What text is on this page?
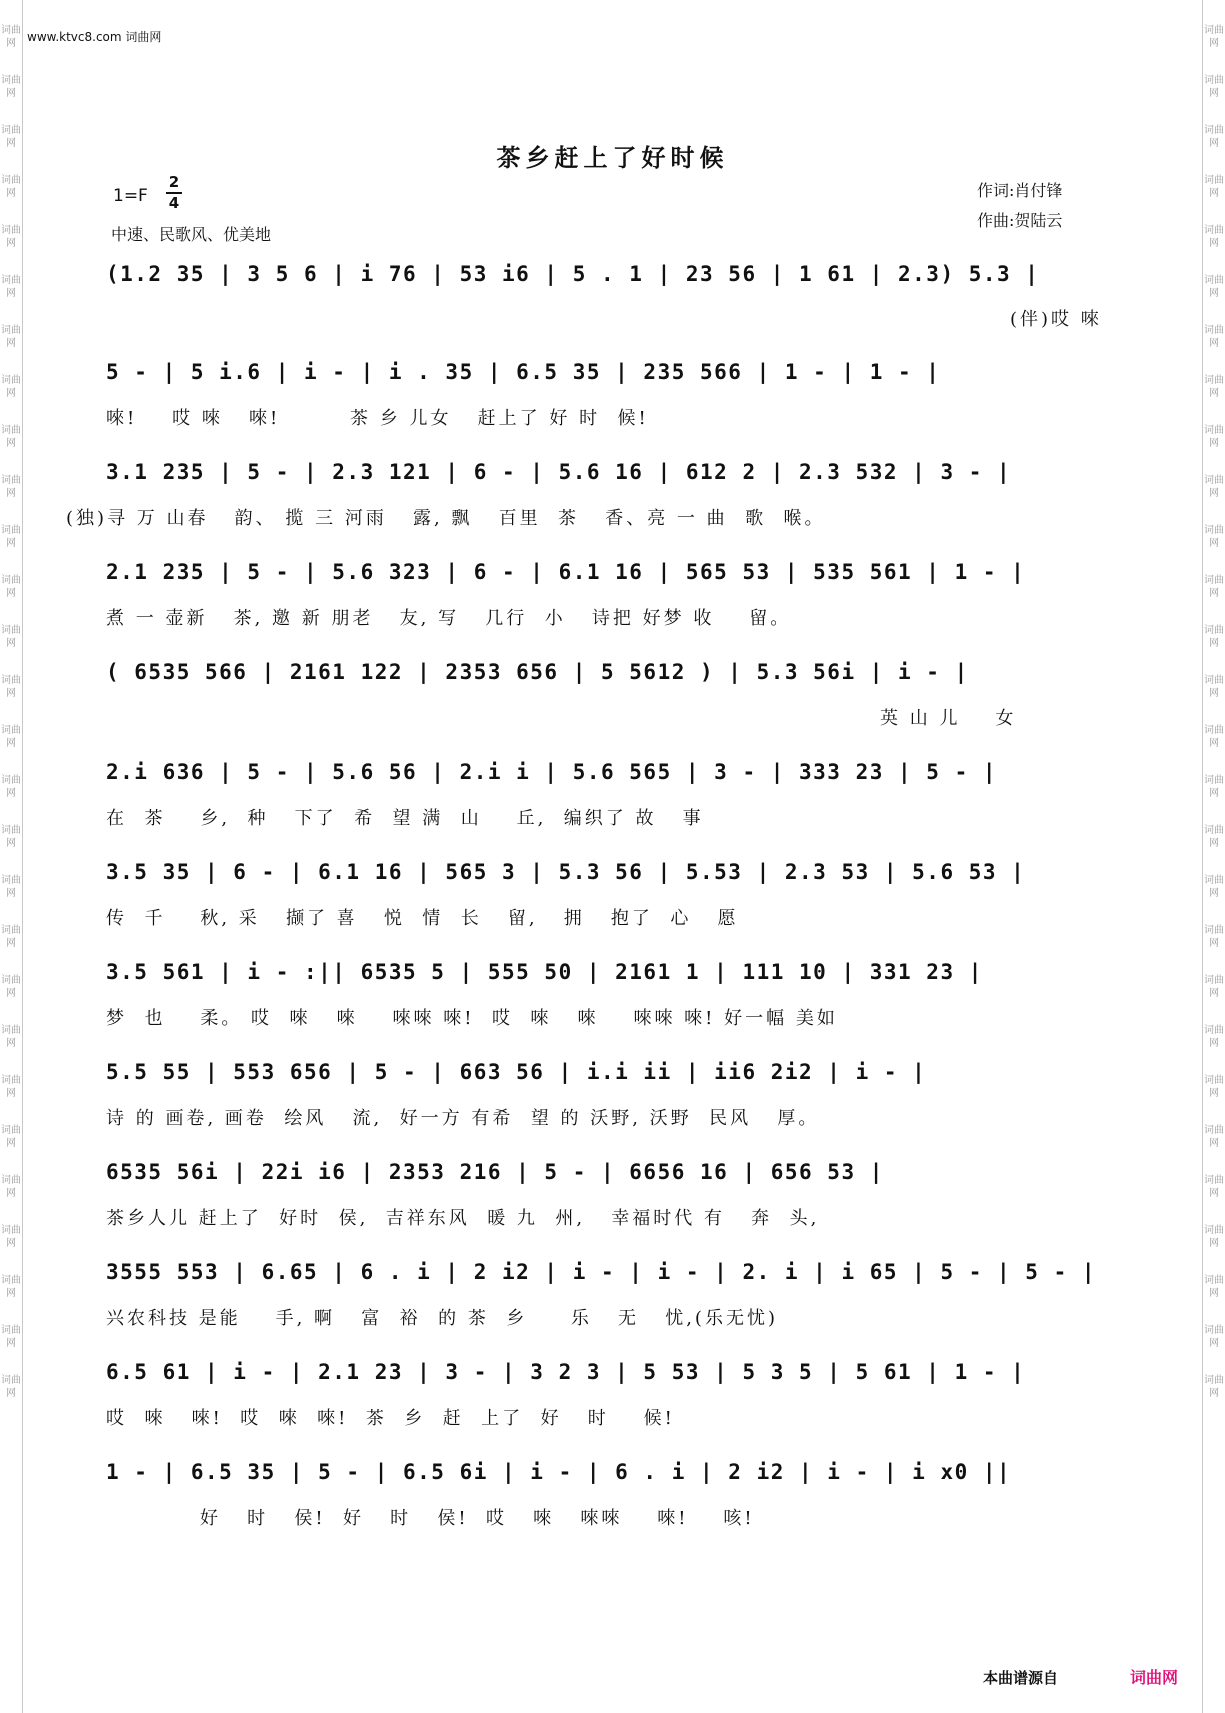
词曲网
词曲网
词曲网
词曲网
词曲网
词曲网
词曲网
词曲网
词曲网
词曲网
词曲网
词曲网
词曲网
词曲网
词曲网
词曲网
词曲网
词曲网
词曲网
词曲网
词曲网
词曲网
词曲网
词曲网
词曲网
词曲网
词曲网
词曲网
词曲网
词曲网
词曲网
词曲网
词曲网
词曲网
词曲网
词曲网
词曲网
词曲网
词曲网
词曲网
词曲网
词曲网
词曲网
词曲网
词曲网
词曲网
词曲网
词曲网
词曲网
词曲网
词曲网
词曲网
词曲网
词曲网
词曲网
词曲网
www.ktvc8.com 词曲网
茶乡赶上了好时候
1=F
2
4
作词:肖付锋
作曲:贺陆云
中速、民歌风、优美地
(1.2 35 | 3 5 6 | i 76 | 53 i6 | 5 . 1 | 23 56 | 1 61 | 2.3) 5.3 |
(伴)哎 唻
5 - | 5 i.6 | i - | i . 35 | 6.5 35 | 235 566 | 1 - | 1 - |
唻!    哎 唻   唻!        茶 乡 儿女   赶上了 好 时  候!
3.1 235 | 5 - | 2.3 121 | 6 - | 5.6 16 | 612 2 | 2.3 532 | 3 - |
(独)寻 万 山春   韵、 揽 三 河雨   露, 飘   百里  茶   香、亮 一 曲  歌  喉。
2.1 235 | 5 - | 5.6 323 | 6 - | 6.1 16 | 565 53 | 535 561 | 1 - |
煮 一 壶新   茶, 邀 新 朋老   友, 写   几行  小   诗把 好梦 收    留。
( 6535 566 | 2161 122 | 2353 656 | 5 5612 ) | 5.3 56i | i - |
英 山 儿    女
2.i 636 | 5 - | 5.6 56 | 2.i i | 5.6 565 | 3 - | 333 23 | 5 - |
在  茶    乡,  种   下了  希  望 满  山    丘,  编织了 故   事
3.5 35 | 6 - | 6.1 16 | 565 3 | 5.3 56 | 5.53 | 2.3 53 | 5.6 53 |
传  千    秋, 采   撷了 喜   悦  情  长   留,   拥   抱了  心   愿
3.5 561 | i - :|| 6535 5 | 555 50 | 2161 1 | 111 10 | 331 23 |
梦  也    柔。 哎  唻   唻    唻唻 唻!  哎  唻   唻    唻唻 唻! 好一幅 美如
5.5 55 | 553 656 | 5 - | 663 56 | i.i ii | ii6 2i2 | i - |
诗 的 画卷, 画卷  绘风   流,  好一方 有希  望 的 沃野, 沃野  民风   厚。
6535 56i | 22i i6 | 2353 216 | 5 - | 6656 16 | 656 53 |
茶乡人儿 赶上了  好时  侯,  吉祥东风  暖 九  州,   幸福时代 有   奔  头,
3555 553 | 6.65 | 6 . i | 2 i2 | i - | i - | 2. i | i 65 | 5 - | 5 - |
兴农科技 是能    手, 啊   富  裕  的 茶  乡     乐   无   忧,(乐无忧)
6.5 61 | i - | 2.1 23 | 3 - | 3 2 3 | 5 53 | 5 3 5 | 5 61 | 1 - |
哎  唻   唻!  哎  唻  唻!  茶  乡  赶  上了  好   时    候!
1 - | 6.5 35 | 5 - | 6.5 6i | i - | 6 . i | 2 i2 | i - | i x0 ||
好   时   侯!  好   时   侯!  哎   唻   唻唻    唻!    咳!
本曲谱源自	词曲网
